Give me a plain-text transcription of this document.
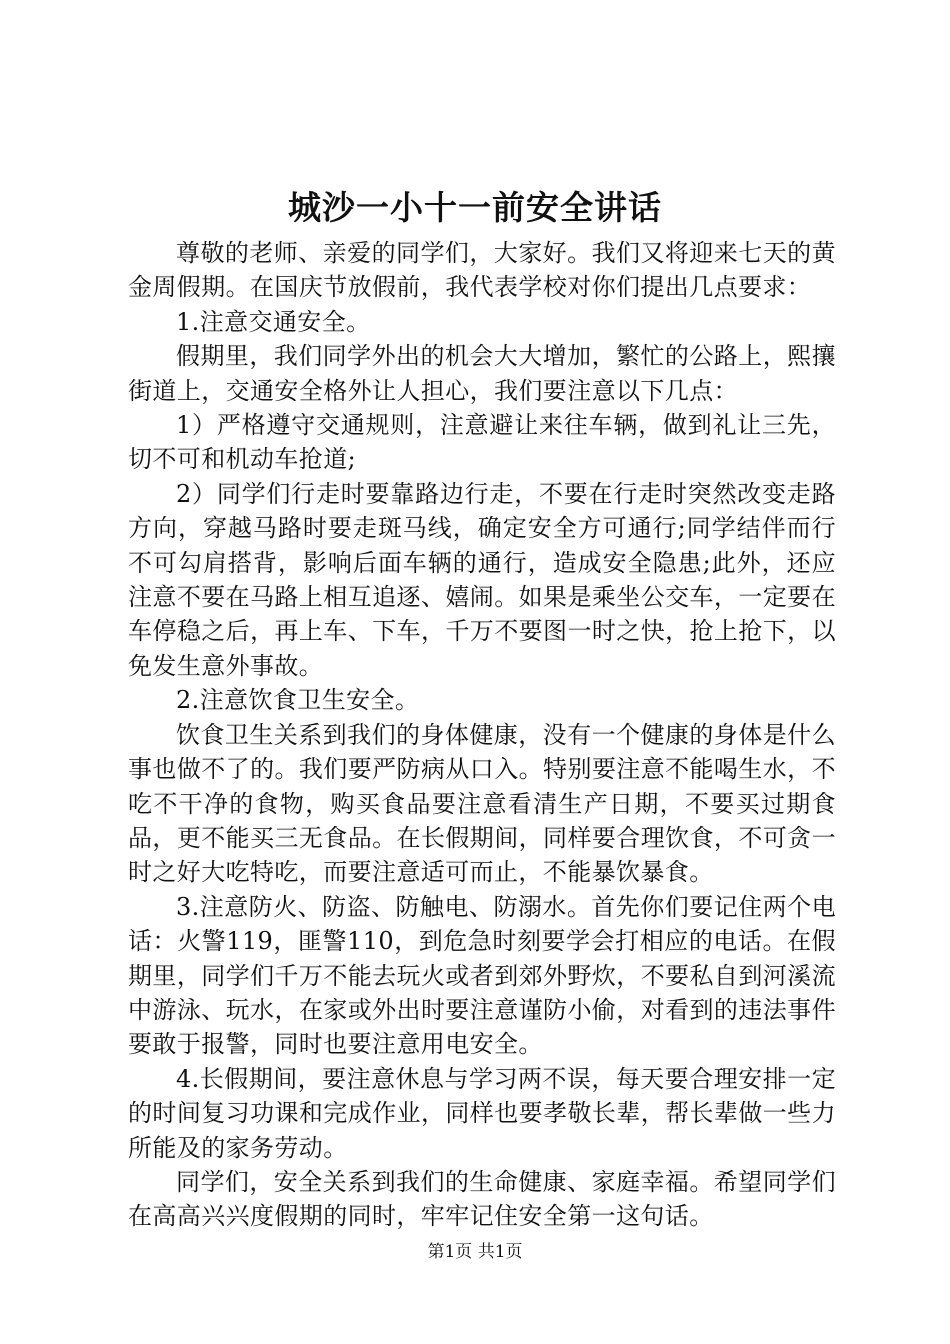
城沙一小十一前安全讲话

尊敬的老师、亲爱的同学们，大家好。我们又将迎来七天的黄金周假期。在国庆节放假前，我代表学校对你们提出几点要求：

1.注意交通安全。

假期里，我们同学外出的机会大大增加，繁忙的公路上，熙攘街道上，交通安全格外让人担心，我们要注意以下几点：

1）严格遵守交通规则，注意避让来往车辆，做到礼让三先，切不可和机动车抢道;

2）同学们行走时要靠路边行走，不要在行走时突然改变走路方向，穿越马路时要走斑马线，确定安全方可通行;同学结伴而行不可勾肩搭背，影响后面车辆的通行，造成安全隐患;此外，还应注意不要在马路上相互追逐、嬉闹。如果是乘坐公交车，一定要在车停稳之后，再上车、下车，千万不要图一时之快，抢上抢下，以免发生意外事故。

2.注意饮食卫生安全。

饮食卫生关系到我们的身体健康，没有一个健康的身体是什么事也做不了的。我们要严防病从口入。特别要注意不能喝生水，不吃不干净的食物，购买食品要注意看清生产日期，不要买过期食品，更不能买三无食品。在长假期间，同样要合理饮食，不可贪一时之好大吃特吃，而要注意适可而止，不能暴饮暴食。

3.注意防火、防盗、防触电、防溺水。首先你们要记住两个电话：火警119，匪警110，到危急时刻要学会打相应的电话。在假期里，同学们千万不能去玩火或者到郊外野炊，不要私自到河溪流中游泳、玩水，在家或外出时要注意谨防小偷，对看到的违法事件要敢于报警，同时也要注意用电安全。

4.长假期间，要注意休息与学习两不误，每天要合理安排一定的时间复习功课和完成作业，同样也要孝敬长辈，帮长辈做一些力所能及的家务劳动。

同学们，安全关系到我们的生命健康、家庭幸福。希望同学们在高高兴兴度假期的同时，牢牢记住安全第一这句话。

第1页 共1页
